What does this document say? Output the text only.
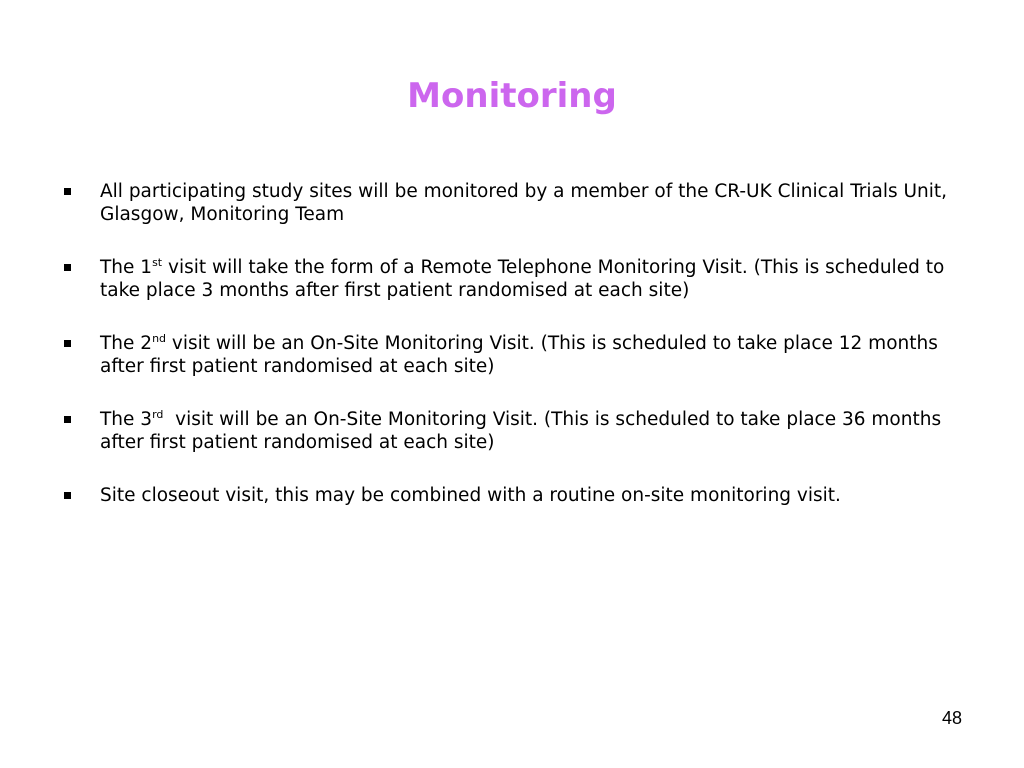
Monitoring
All participating study sites will be monitored by a member of the CR-UK Clinical Trials Unit, Glasgow, Monitoring Team
The 1st visit will take the form of a Remote Telephone Monitoring Visit. (This is scheduled to take place 3 months after first patient randomised at each site)
The 2nd visit will be an On-Site Monitoring Visit. (This is scheduled to take place 12 months after first patient randomised at each site)
The 3rd  visit will be an On-Site Monitoring Visit. (This is scheduled to take place 36 months after first patient randomised at each site)
Site closeout visit, this may be combined with a routine on-site monitoring visit.
48
